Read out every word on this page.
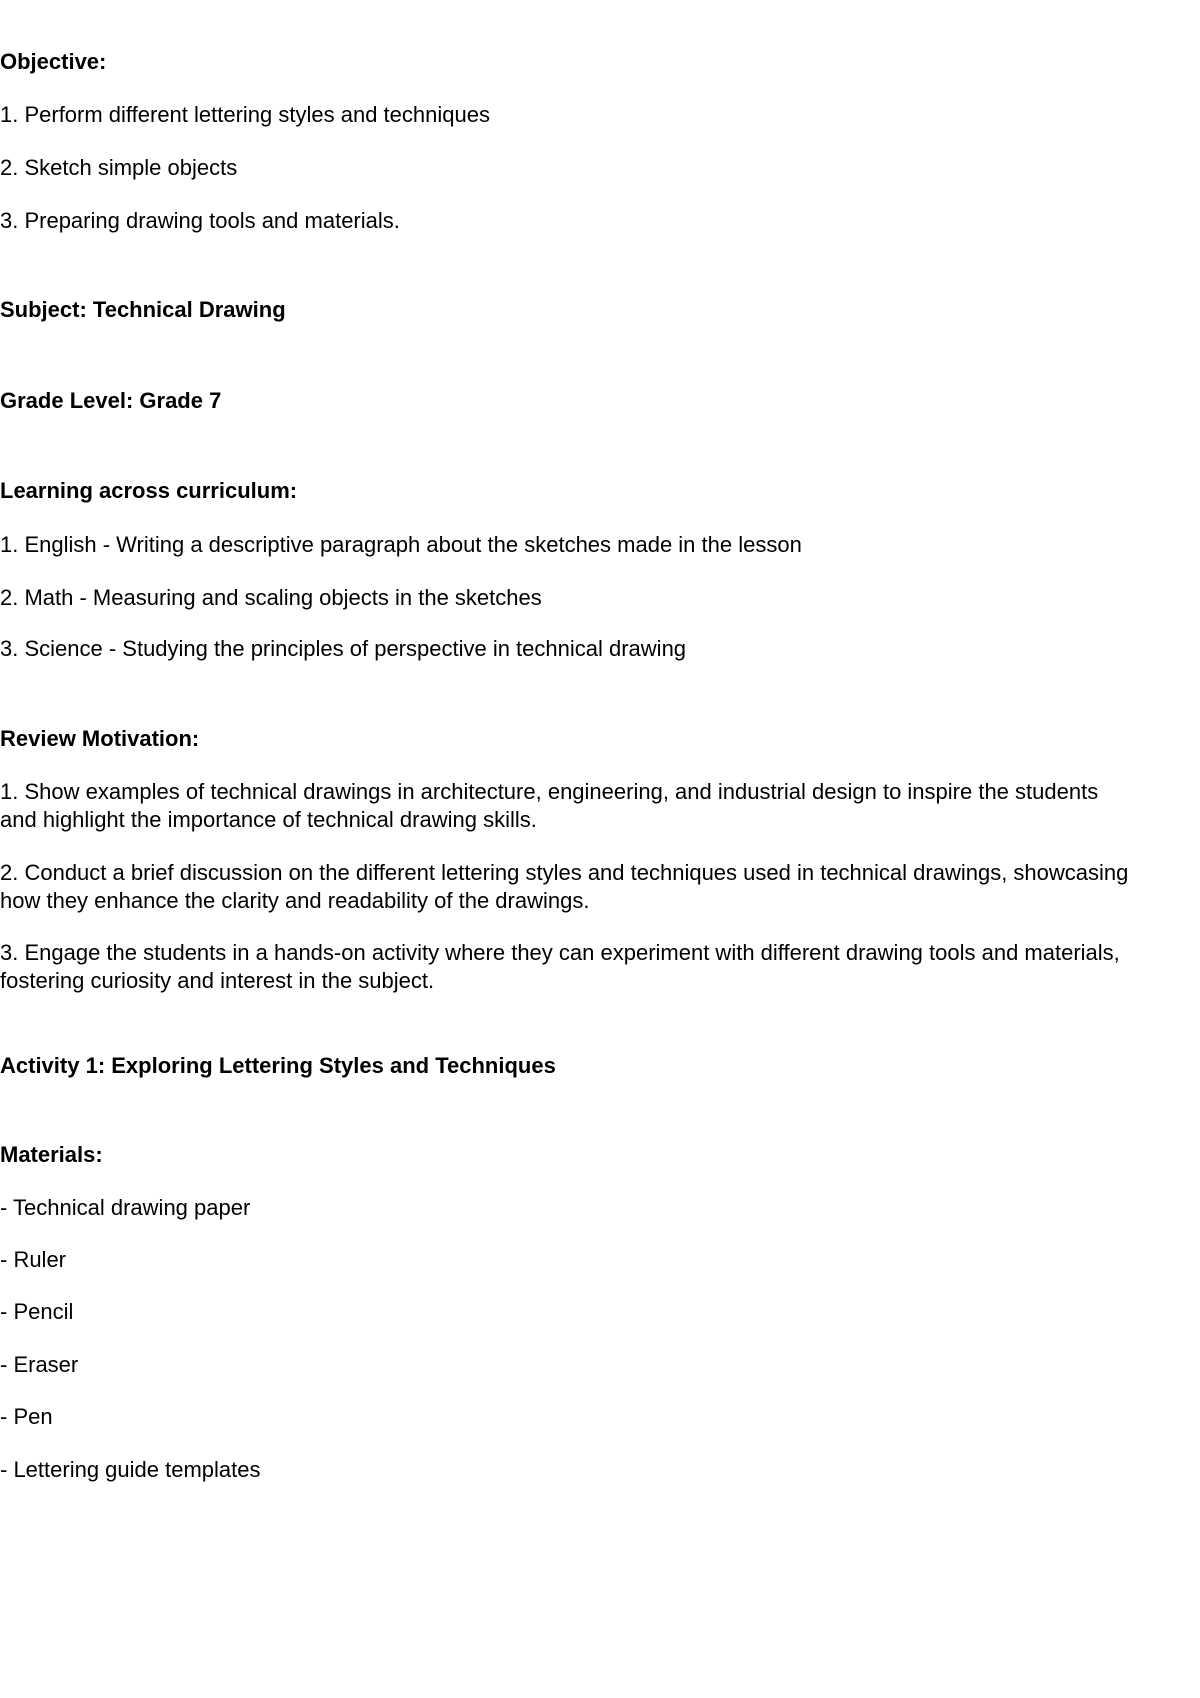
Objective:

1. Perform different lettering styles and techniques

2. Sketch simple objects

3. Preparing drawing tools and materials.

Subject: Technical Drawing

Grade Level: Grade 7

Learning across curriculum:

1. English - Writing a descriptive paragraph about the sketches made in the lesson

2. Math - Measuring and scaling objects in the sketches

3. Science - Studying the principles of perspective in technical drawing

Review Motivation:

1. Show examples of technical drawings in architecture, engineering, and industrial design to inspire the students and highlight the importance of technical drawing skills.

2. Conduct a brief discussion on the different lettering styles and techniques used in technical drawings, showcasing how they enhance the clarity and readability of the drawings.

3. Engage the students in a hands-on activity where they can experiment with different drawing tools and materials, fostering curiosity and interest in the subject.

Activity 1: Exploring Lettering Styles and Techniques

Materials:

- Technical drawing paper

- Ruler

- Pencil

- Eraser

- Pen

- Lettering guide templates
